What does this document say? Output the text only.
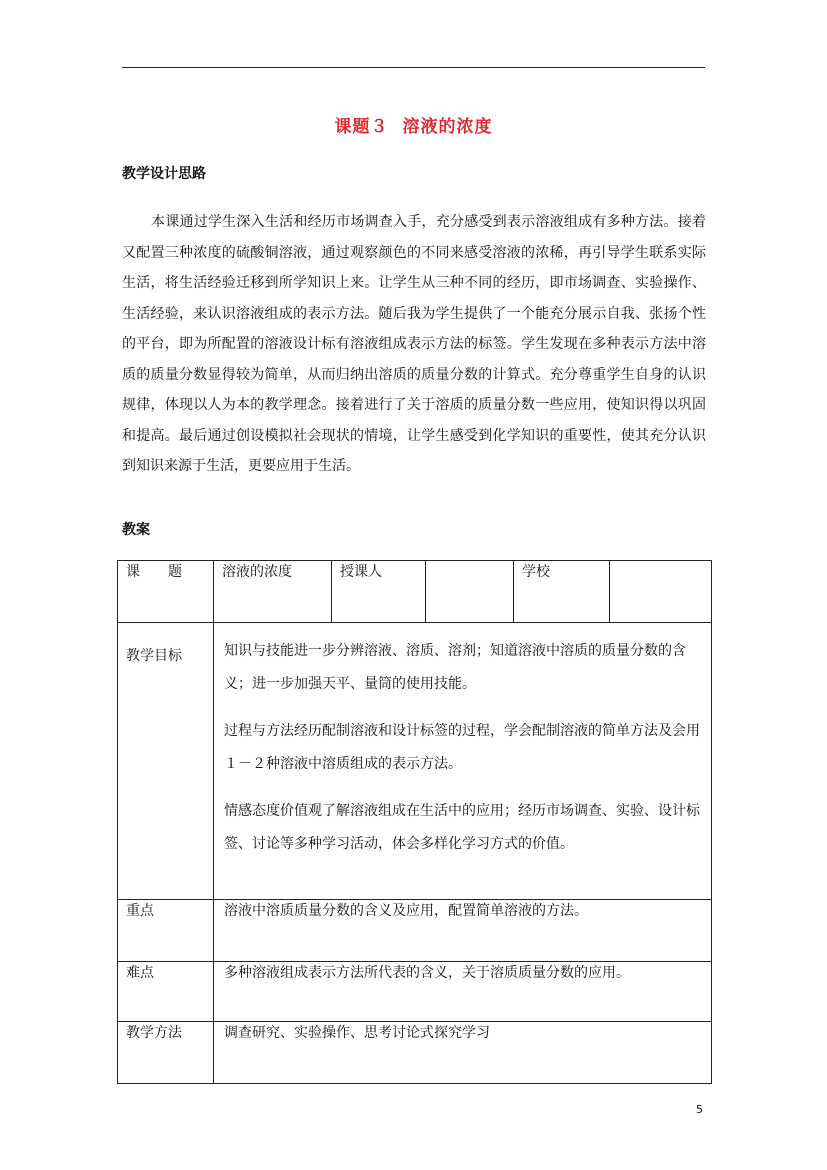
课题３ 溶液的浓度
教学设计思路
本课通过学生深入生活和经历市场调查入手，充分感受到表示溶液组成有多种方法。接着又配置三种浓度的硫酸铜溶液，通过观察颜色的不同来感受溶液的浓稀，再引导学生联系实际生活，将生活经验迁移到所学知识上来。让学生从三种不同的经历，即市场调查、实验操作、生活经验，来认识溶液组成的表示方法。随后我为学生提供了一个能充分展示自我、张扬个性的平台，即为所配置的溶液设计标有溶液组成表示方法的标签。学生发现在多种表示方法中溶质的质量分数显得较为简单，从而归纳出溶质的质量分数的计算式。充分尊重学生自身的认识规律，体现以人为本的教学理念。接着进行了关于溶质的质量分数一些应用，使知识得以巩固和提高。最后通过创设模拟社会现状的情境，让学生感受到化学知识的重要性，使其充分认识到知识来源于生活，更要应用于生活。
教案
课　　题	溶液的浓度	授课人		学校	
教学目标	知识与技能进一步分辨溶液、溶质、溶剂；知道溶液中溶质的质量分数的含义；进一步加强天平、量筒的使用技能。

过程与方法经历配制溶液和设计标签的过程，学会配制溶液的简单方法及会用１－２种溶液中溶质组成的表示方法。

情感态度价值观了解溶液组成在生活中的应用；经历市场调查、实验、设计标签、讨论等多种学习活动，体会多样化学习方式的价值。				

重点	溶液中溶质质量分数的含义及应用，配置简单溶液的方法。				
难点	多种溶液组成表示方法所代表的含义，关于溶质质量分数的应用。				
教学方法	调查研究、实验操作、思考讨论式探究学习				
5
